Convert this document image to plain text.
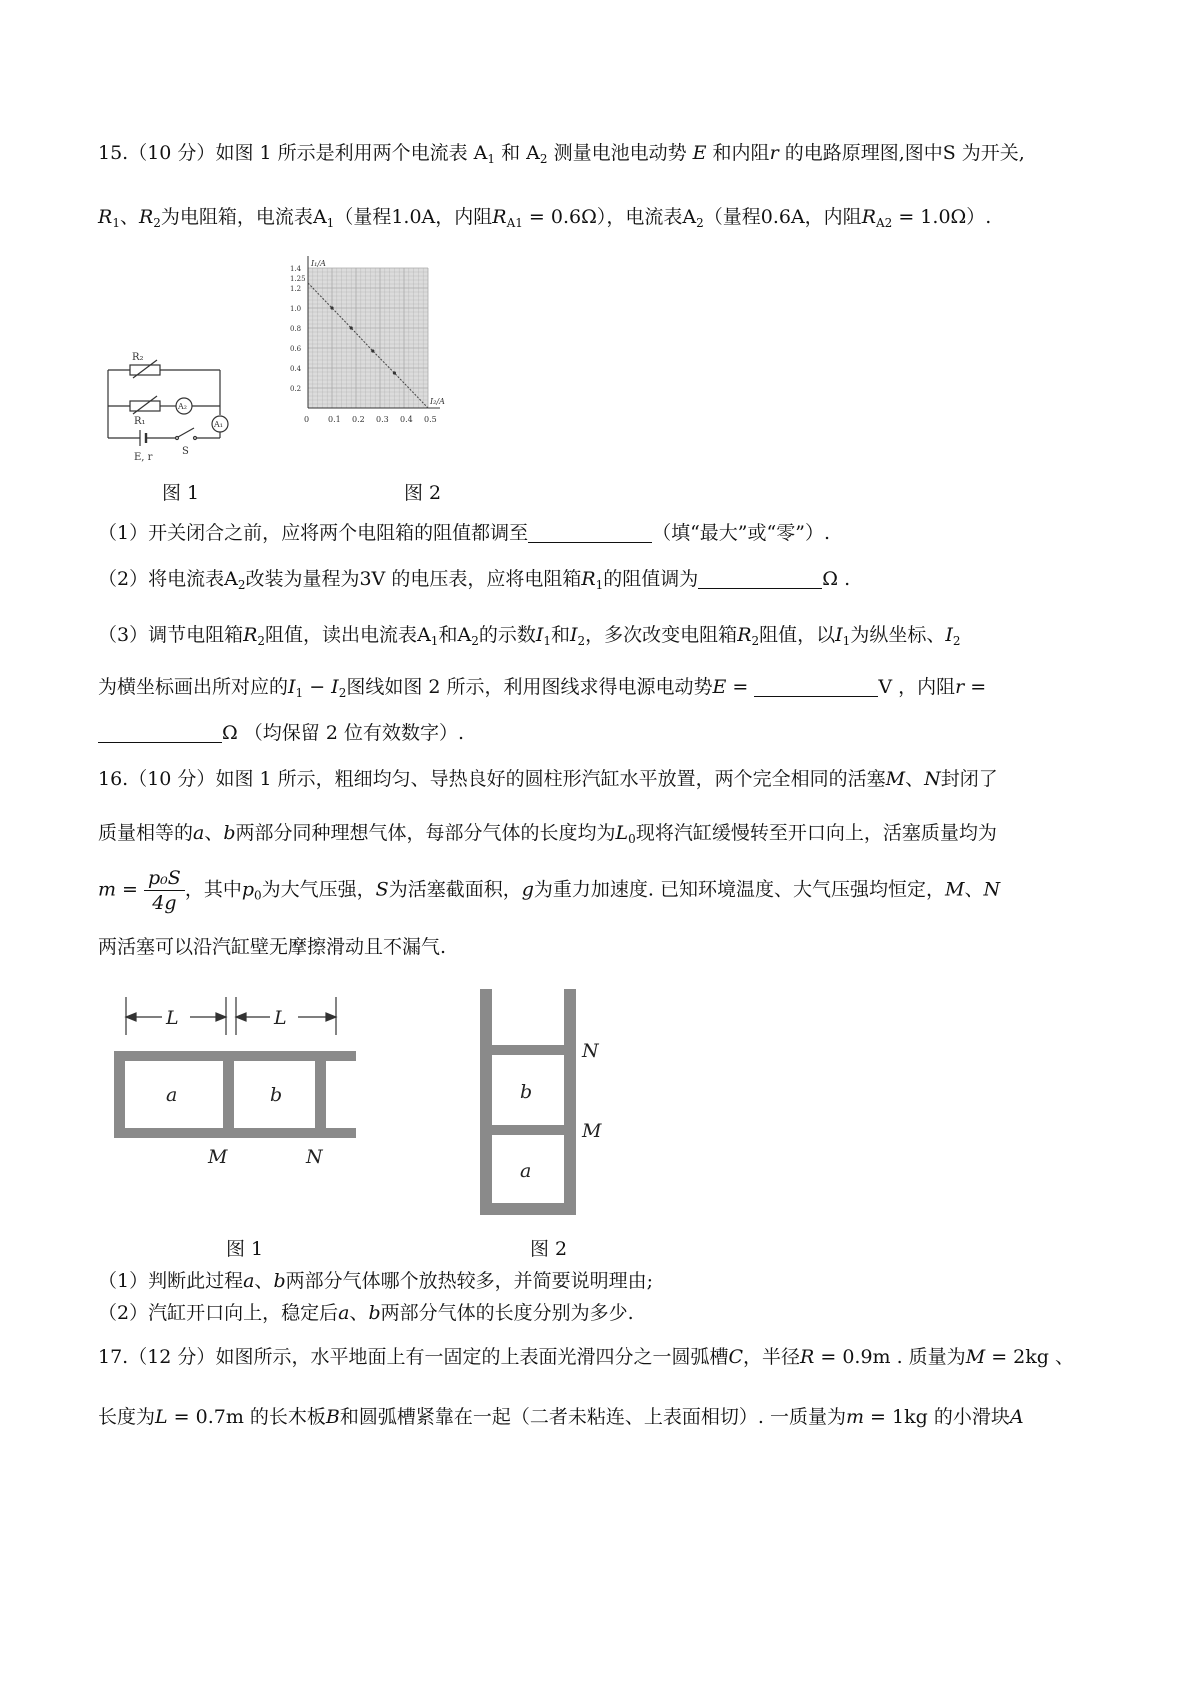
15.（10 分）如图 1 所示是利用两个电流表 $A_1$ 和 $A_2$ 测量电池电动势 E 和内阻r 的电路原理图,图中S 为开关,
$R_1$、$R_2$为电阻箱，电流表$A_1$（量程1.0A，内阻$R_{A1} = 0.6\Omega$），电流表$A_2$（量程0.6A，内阻$R_{A2} = 1.0\Omega$）.
R₂
R₁
A₂
A₁
E, r
S
0 0.1 0.2 0.3 0.4 0.5
0.2
0.4
0.6
0.8
1.0
1.2
1.25
1.4
I₁/A
I₂/A
图 1	图 2
（1）开关闭合之前，应将两个电阻箱的阻值都调至	（填“最大”或“零”）.
（2）将电流表$A_2$改装为量程为3V 的电压表，应将电阻箱$R_1$的阻值调为	Ω .
（3）调节电阻箱$R_2$阻值，读出电流表$A_1$和$A_2$的示数$I_1$和$I_2$，多次改变电阻箱$R_2$阻值，以$I_1$为纵坐标、$I_2$
为横坐标画出所对应的$I_1 - I_2$图线如图 2 所示，利用图线求得电源电动势E =	V ，内阻r =
Ω （均保留 2 位有效数字）.
16.（10 分）如图 1 所示，粗细均匀、导热良好的圆柱形汽缸水平放置，两个完全相同的活塞M、N封闭了
质量相等的a、b两部分同种理想气体，每部分气体的长度均为$L_0$现将汽缸缓慢转至开口向上，活塞质量均为
$m = \frac{\text{p₀S}}{4g}$ ，其中$p_0$为大气压强，S为活塞截面积，g为重力加速度. 已知环境温度、大气压强均恒定，M、N
两活塞可以沿汽缸壁无摩擦滑动且不漏气.
L	L
a	b
M	N
N
M
b
a
图 1	图 2
（1）判断此过程a、b两部分气体哪个放热较多，并简要说明理由;
（2）汽缸开口向上，稳定后a、b两部分气体的长度分别为多少.
17.（12 分）如图所示，水平地面上有一固定的上表面光滑四分之一圆弧槽C，半径R = 0.9m . 质量为M = 2kg 、
长度为L = 0.7m 的长木板B和圆弧槽紧靠在一起（二者未粘连、上表面相切）. 一质量为m = 1kg 的小滑块A
